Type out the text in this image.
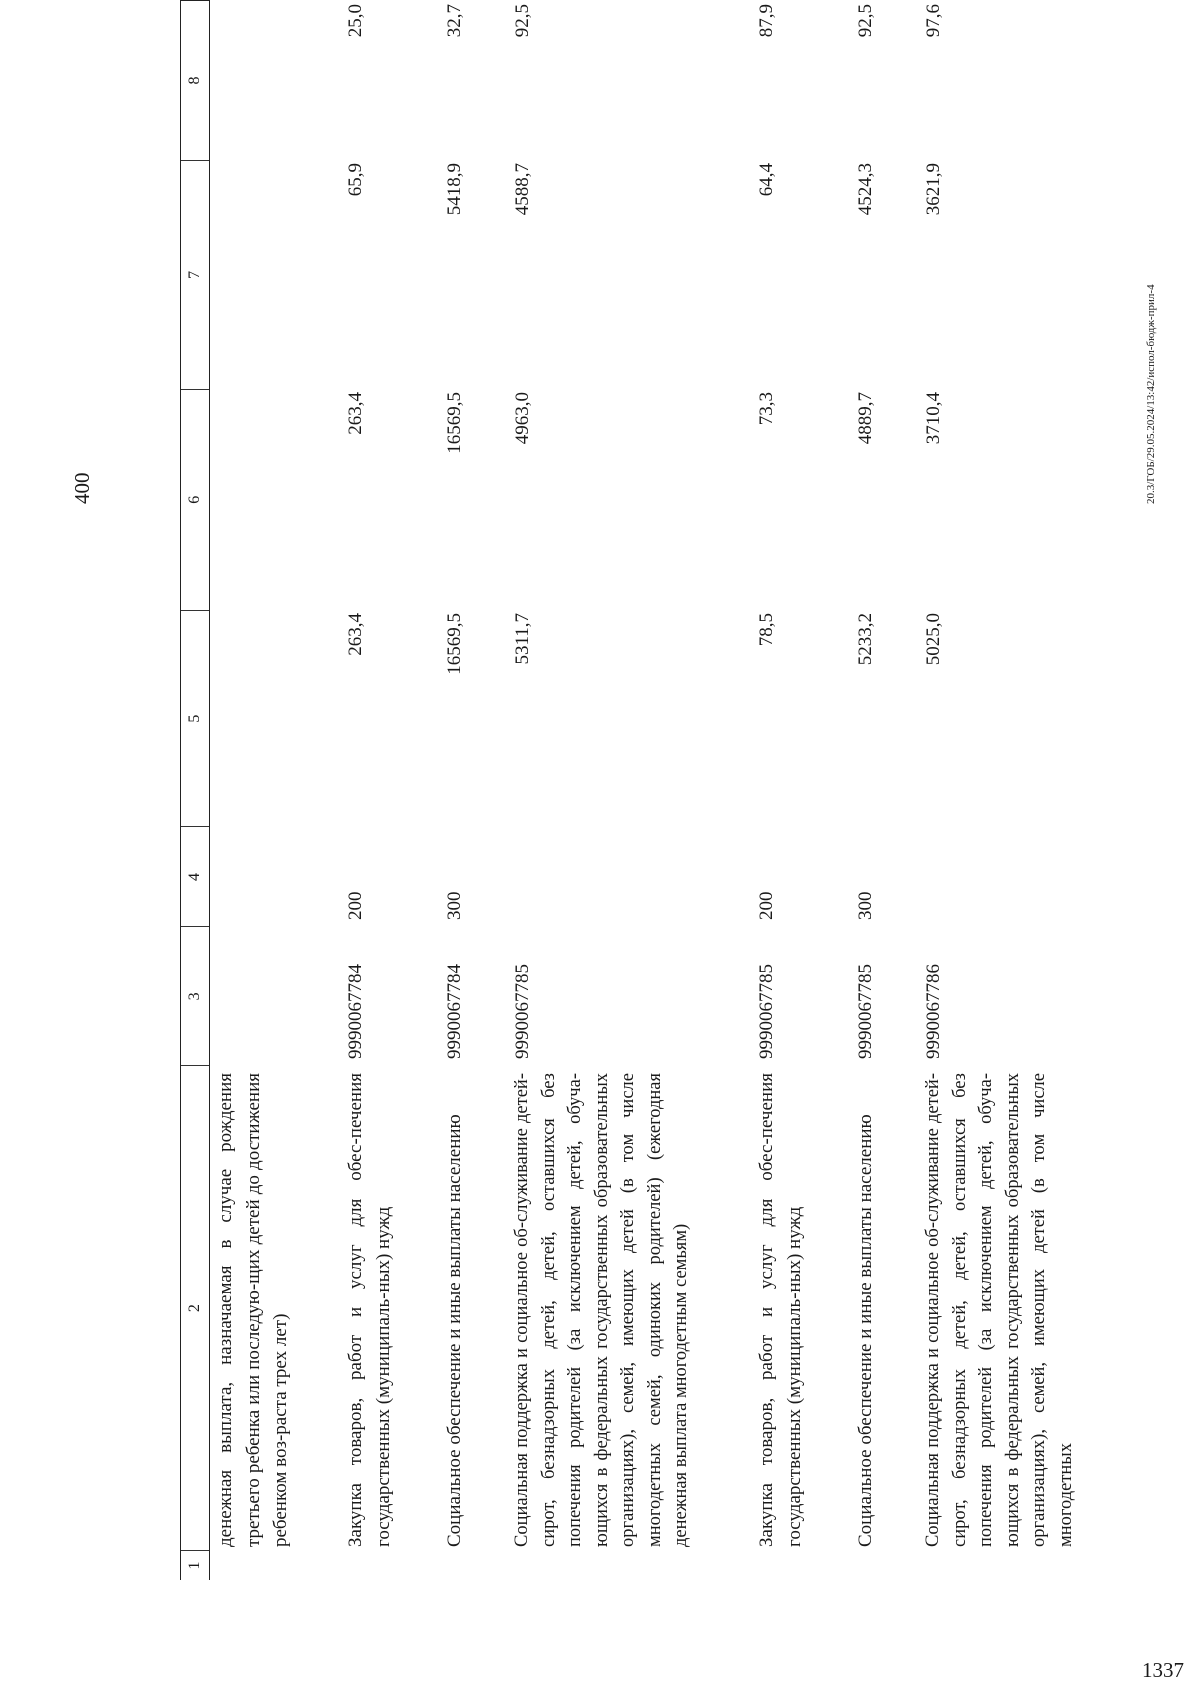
400	20.3/ГОБ/29.05.2024/13:42/испол-бюдж-прил-4
1
2
3
4
5
6
7
8
денежная выплата, назначаемая в случае рождения третьего ребенка или последую-щих детей до достижения ребенком воз-раста трех лет)	Закупка товаров, работ и услуг для обес-печения государственных (муниципаль-ных) нужд
9990067784
200
263,4
263,4
65,9
25,0
Социальное обеспечение и иные выплаты населению
9990067784
300
16569,5
16569,5
5418,9
32,7
Социальная поддержка и социальное об-служивание детей-сирот, безнадзорных детей, детей, оставшихся без попечения родителей (за исключением детей, обуча-ющихся в федеральных государственных образовательных организациях), семей, имеющих детей (в том числе многодетных семей, одиноких родителей) (ежегодная денежная выплата многодетным семьям)
9990067785
5311,7
4963,0
4588,7
92,5
Закупка товаров, работ и услуг для обес-печения государственных (муниципаль-ных) нужд
9990067785
200
78,5
73,3
64,4
87,9
Социальное обеспечение и иные выплаты населению
9990067785
300
5233,2
4889,7
4524,3
92,5
Социальная поддержка и социальное об-служивание детей-сирот, безнадзорных детей, детей, оставшихся без попечения родителей (за исключением детей, обуча-ющихся в федеральных государственных образовательных организациях), семей, имеющих детей (в том числе многодетных
9990067786
5025,0
3710,4
3621,9
97,6
1337
